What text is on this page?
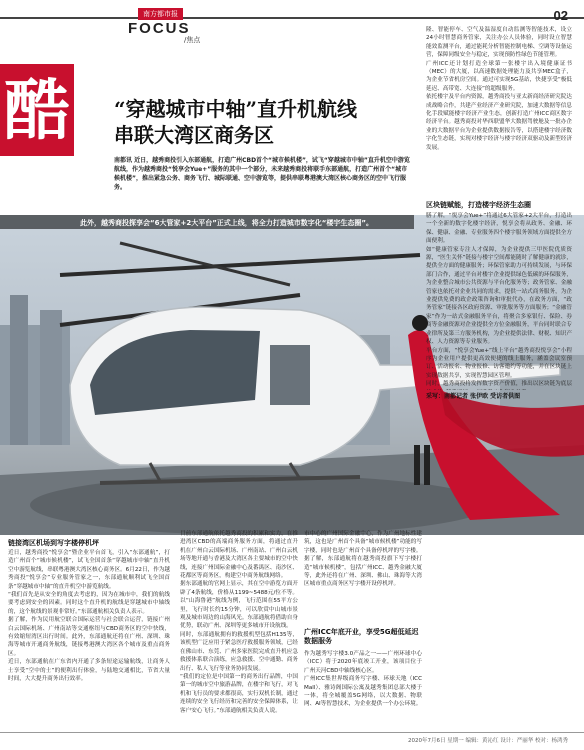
南方都市报
FOCUS
/焦点
02
酷 “穿越城市中轴”直升机航线
串联大湾区商务区
南都讯 近日，越秀商投引入东部通航，打造广州CBD首个“城市候机楼”，试飞“穿越城市中轴”直升机空中游览航线，作为越秀商投“悦享会Yue+”服务的其中一个部分，未来越秀商投将联手东部通航，打造广州首个“城市候机楼”，推出紧急公务、商务飞行、城际联通、空中游览等，提供串联粤港澳大湾区核心商务区的空中飞行服务。
隆、智能停车、空气及温湿度自动监测等智能技术，设立24小时智慧商务管家，关注办公人员体验，同时设立智慧能效监测平台，通过能耗分析智能控制电梯、空调等设备运营，保障同级安全与稳定，实现预防性绿色节能管理。
广州ICC还计划打造全球第一张楼宇出入境健康证书（MEC）的大厦，以高速数据处理能力及共享MEC盒子，为企业节省机房空间。通过可实现5G基站，快捷享受“极低延迟、高带宽、大连接”的超级服务。
依托楼宇及平台内资源，越秀商投与亚太新商经济研究院达成战略合作，共建产业经济产业研究院，加速大数据等信息化手段赋能楼宇经济产业生态，创新打造广州ICC商区数字经济平台。越秀商投对华西联盟华大数据驾驶舱及一批办企业的大数据平台为企业提供数据报告等，以搭建楼宇经济数字化生态链，实现对楼宇经济与楼宇经济双驱动及新型经济发展。
区块链赋能，打造楼宇经济生态圈
膳了解，“悦享会Yue+”将通过6大管家+2大平台，打造出一个全新的数字化楼宇经济，悦享会将从政务、金融、环保、健康、金融、专业服务四个楼宇服务领域方面提供全方面便利。
如“健康管家专注人才保障，为企业提供三甲医院优质资源，“医生关怀”链接与楼宇空间都能随时了解健康的就诊，提供全方面的健康服务；环保管家助力可持续发展，与环保部门合作，通过平台对楼宇企业提供绿色低碳的环保服务，为企业整合城市公共资源与平台化服务等；政务管家、金融管家也依托对企业共同的需求，提供一站式商务服务，为企业提供免费的政企政策咨询和审批代办，在政务方面，“政务管家”链接各区政府资源、审批服务等方面服务；“金融管家”作为一站式金融服务平台，将聚合多家银行、保险、券商等金融资源对企业提供全方位金融服务，平台同时联合专业律所及第三方服务机构，为企业提供法律、财税、知识产权、人力资源等专业服务。
平台方面，“悦享会Yue+”线上平台“越秀商投悦享会”小程序为企业用户提供更高效便捷的线上服务，涵盖会议室预订、活动报名、物业报修、访客邀约等功能，并在区块链上实现数据共享，实现智慧园区管理。
同时，越秀商投将发挥数字资产价值，推出以区块链为底层
采写：南都记者 张伊欧 受访者供图
此外，越秀商投探享会“6大管家+2大平台”正式上线，将全力打造城市数字化“楼宇生态圈”。
链接湾区机场到写字楼停机坪
近日，越秀商投“悦享会”暨企业平台首飞，引入“东部通航”，打造广州首个“城市候机楼”，试飞全国首条“穿越城市中轴”直升机空中游览航线，串联粤港澳大湾区核心商务区。6月22日，作为越秀商投“悦享会”专业服务管家之一，东部通航顺利试飞全国首条“穿越城市中轴”的直升机空中游览航线。
“我们首先是从安全的角度去考虑的，因为在城市中，我们的航线要考虑到安全的因素。同时这个直升机的航线是穿越城市中轴线的，这个航线的景观非常好。”东部通航相关负责人表示。
据了解，作为民用航空联合国际运营与社会联合运营，链接广州白云国际机场、广州南站等交通枢纽与CBD商务区的空中快线，有效缩短湾区出行时间。此外，东部通航还将在广州、深圳、珠海等城市开通商务航线，链接粤港澳大湾区各个城市及重点商务区。
近日，东部通航在广东省内开通了多条短途运输航线，让商务人士享受“空中的士”的便利出行体验，与陆地交通相比，节省大量时间，大大提升商务出行效率。
目前东部通航依托越秀商投的积累和实力，在推进湾区CBD的高端商务服务方面，将通过直升机在广州白云国际机场、广州南站、广州白云机场等地开通与香港及大湾区各主要城市的空中快线，连接广州国际金融中心及番禺区、南沙区、花都区等商务区，构建空中商务航线网络。
据东部通航的官网上显示，其在空中游览方面开辟了4条航线，价格从1199~5488元/位不等。以“山海鲁港”航线为例，飞行范围在55平方公里，飞行时长约15分钟，可以欣赏中山城市景观及城市周边的山海风光。东部通航将借助自身优势，联动广州、深圳等更多城市开设航线。
同时，东部通航拥有的救援机型包括H135等，该机型广泛应用于紧急医疗救援服务领域，已经在佛山市、东莞、广州多家医院完成直升机应急救援体系联合演练，应急救援、空中通勤、商务出行、私人飞行等业务协同发展。
“我们的定位是中国第一的商务出行品牌，中国第一的城市空中旅游品牌，在楼宇和飞行，对飞机和飞行员的要求都很高，实行双机长制，通过连续的安全飞行经历和完善的安全保障体系，让客户安心飞行。”东部通航相关负责人说。
市中心的广州国际金融中心，作为广州地标性建筑，这也是广州首个具备“城市候机楼”功能的写字楼，同时也是广州首个具备停机坪的写字楼。
据了解，东部通航将在越秀商投旗下写字楼打造“城市候机楼”，包括广州ICC、越秀金融大厦等，此外还将在广州、深圳、佛山、珠海等大湾区城市重点商务区写字楼开设停机坪。
广州ICC年底开业，享受5G超低延迟数据服务
作为越秀写字楼3.0产品之一——广州环球中心（ICC）将于2020年底竣工开业，该项目位于广州天河CBD中轴线核心区。
广州ICC集世界级商务写字楼、环球天地（ICC Mall）、雅诗阁国际公寓及越秀集团总部大楼于一体，将全城覆盖5G网络，以大数据、物联网、AI等智慧技术，为企业提供一个办公环境。
2020年7月6日 星期一 编辑：黄沁红 设计：严丽华 校对：杨鸿秀
